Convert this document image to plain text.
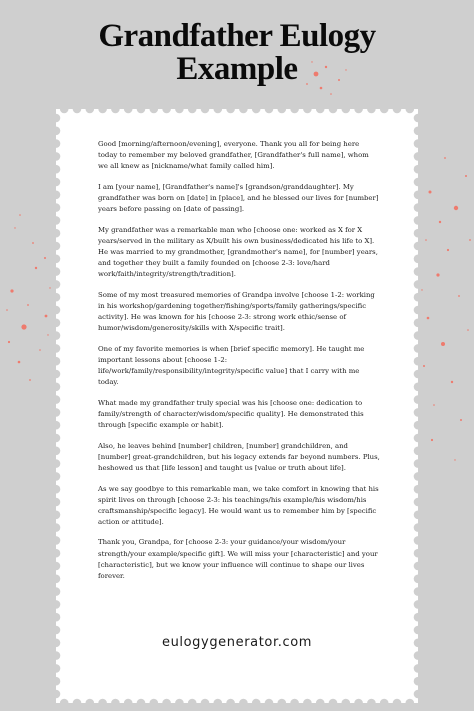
Grandfather Eulogy
Example

Good [morning/afternoon/evening], everyone. Thank you all for being here today to remember my beloved grandfather, [Grandfather's full name], whom we all knew as [nickname/what family called him].

I am [your name], [Grandfather's name]'s [grandson/granddaughter]. My grandfather was born on [date] in [place], and he blessed our lives for [number] years before passing on [date of passing].

My grandfather was a remarkable man who [choose one: worked as X for X years/served in the military as X/built his own business/dedicated his life to X]. He was married to my grandmother, [grandmother's name], for [number] years, and together they built a family founded on [choose 2-3: love/hard work/faith/integrity/strength/tradition].

Some of my most treasured memories of Grandpa involve [choose 1-2: working in his workshop/gardening together/fishing/sports/family gatherings/specific activity]. He was known for his [choose 2-3: strong work ethic/sense of humor/wisdom/generosity/skills with X/specific trait].

One of my favorite memories is when [brief specific memory]. He taught me important lessons about [choose 1-2: life/work/family/responsibility/integrity/specific value] that I carry with me today.

What made my grandfather truly special was his [choose one: dedication to family/strength of character/wisdom/specific quality]. He demonstrated this through [specific example or habit].

Also, he leaves behind [number] children, [number] grandchildren, and [number] great-grandchildren, but his legacy extends far beyond numbers. Plus, heshowed us that [life lesson] and taught us [value or truth about life].

As we say goodbye to this remarkable man, we take comfort in knowing that his spirit lives on through [choose 2-3: his teachings/his example/his wisdom/his craftsmanship/specific legacy]. He would want us to remember him by [specific action or attitude].

Thank you, Grandpa, for [choose 2-3: your guidance/your wisdom/your strength/your example/specific gift]. We will miss your [characteristic] and your [characteristic], but we know your influence will continue to shape our lives forever.

eulogygenerator.com
